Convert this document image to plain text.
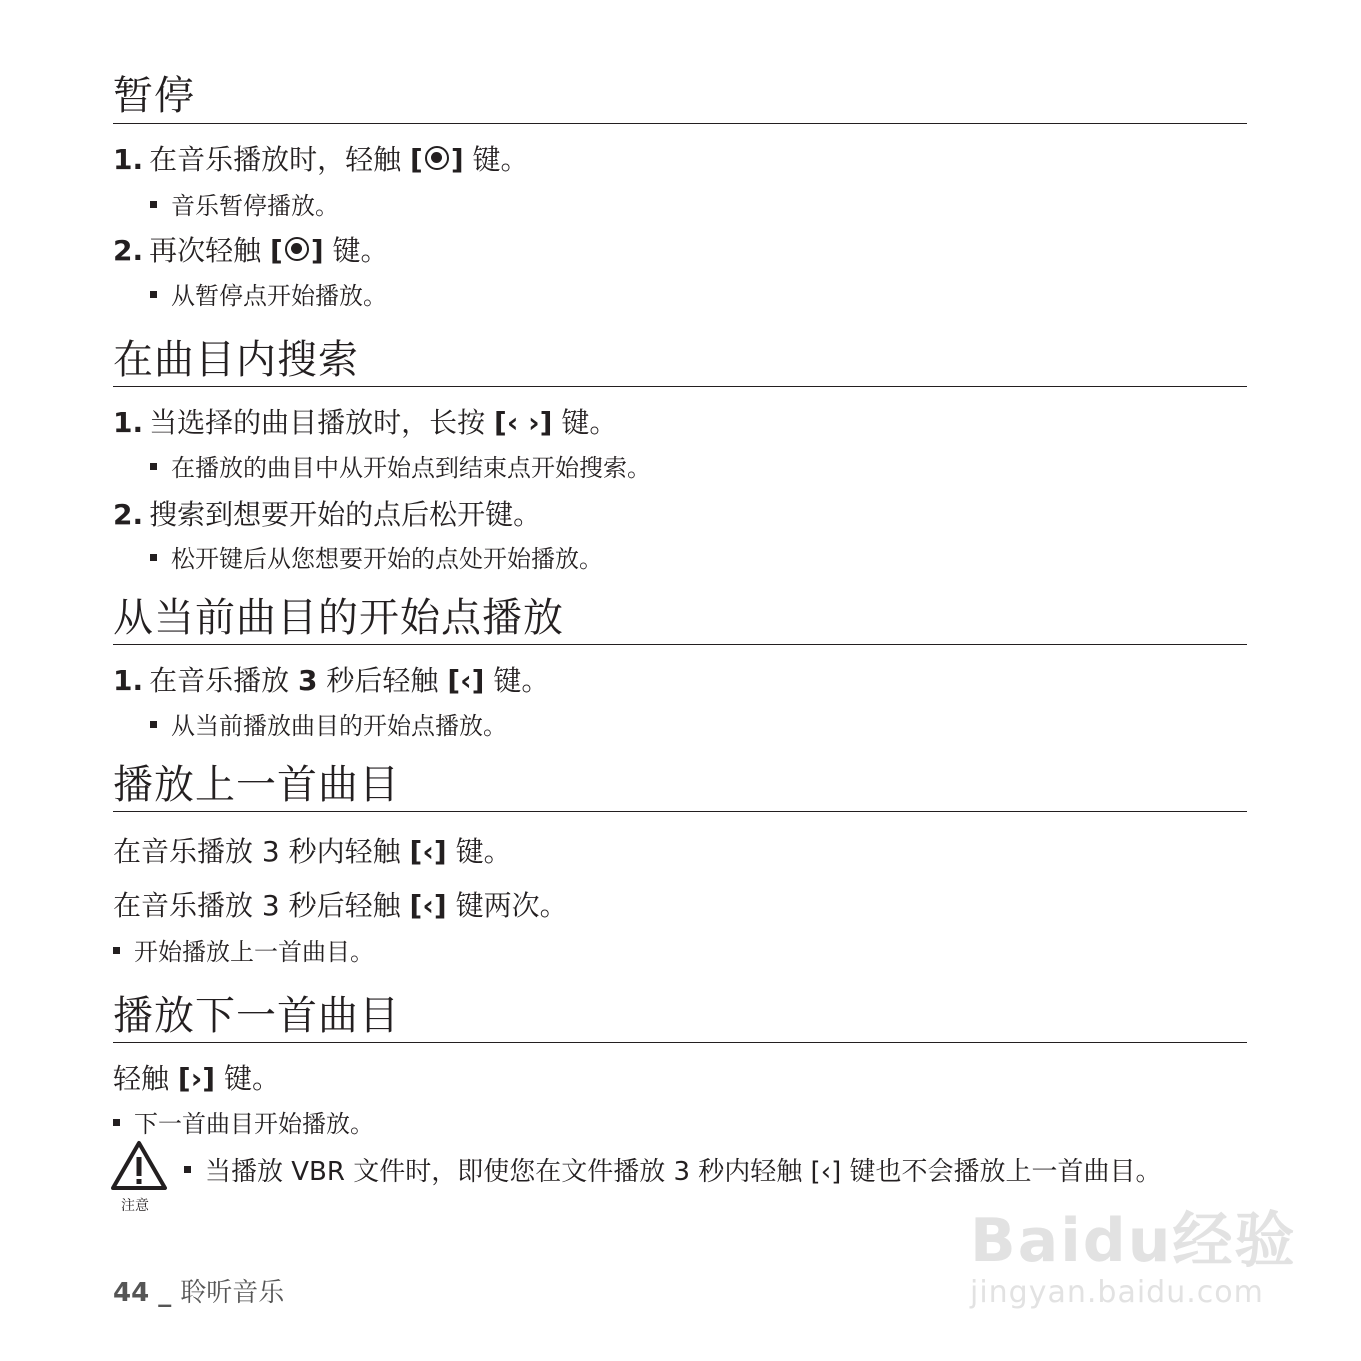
暂停
1. 在音乐播放时，轻触 [ ] 键。
音乐暂停播放。
2. 再次轻触 [ ] 键。
从暂停点开始播放。
在曲目内搜索
1. 当选择的曲目播放时，长按 [‹ ›] 键。
在播放的曲目中从开始点到结束点开始搜索。
2. 搜索到想要开始的点后松开键。
松开键后从您想要开始的点处开始播放。
从当前曲目的开始点播放
1. 在音乐播放 3 秒后轻触 [‹] 键。
从当前播放曲目的开始点播放。
播放上一首曲目
在音乐播放 3 秒内轻触 [‹] 键。
在音乐播放 3 秒后轻触 [‹] 键两次。
开始播放上一首曲目。
播放下一首曲目
轻触 [›] 键。
下一首曲目开始播放。
注意
当播放 VBR 文件时，即使您在文件播放 3 秒内轻触 [‹] 键也不会播放上一首曲目。
44 _ 聆听音乐
Baidu经验
jingyan.baidu.com
